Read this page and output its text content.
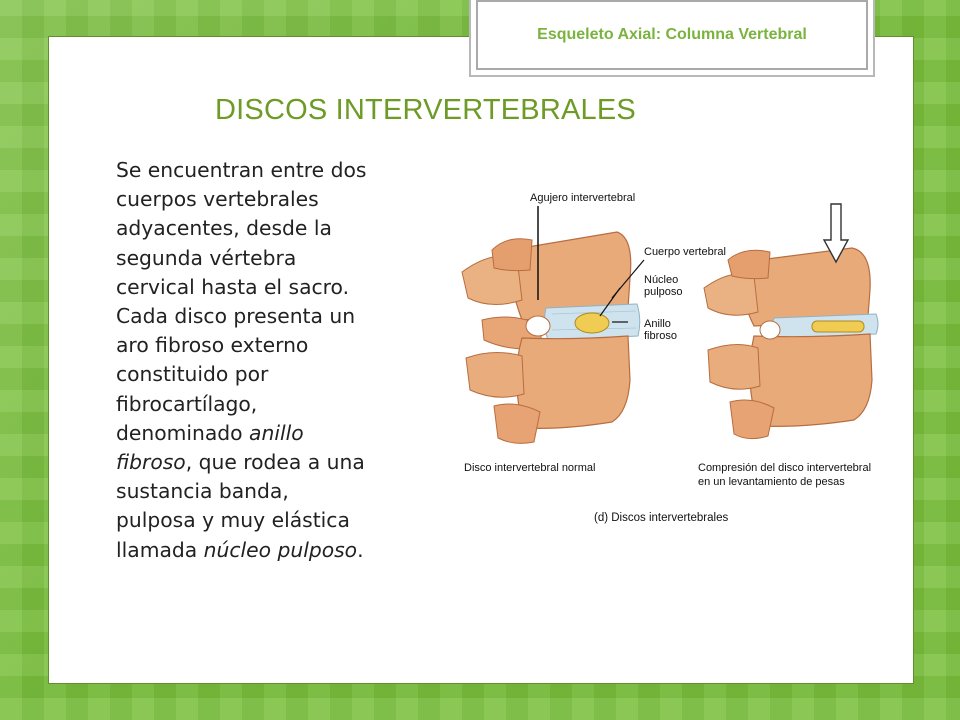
Esqueleto Axial: Columna Vertebral
DISCOS INTERVERTEBRALES
Se encuentran entre dos
cuerpos vertebrales
adyacentes, desde la
segunda vértebra
cervical hasta el sacro.
Cada disco presenta un
aro fibroso externo
constituido por
fibrocartílago,
denominado anillo
fibroso, que rodea a una
sustancia banda,
pulposa y muy elástica
llamada núcleo pulposo.
Agujero intervertebral
Cuerpo vertebral
Núcleo
pulposo
Anillo
fibroso
Disco intervertebral normal	Compresión del disco intervertebral
en un levantamiento de pesas
(d) Discos intervertebrales
